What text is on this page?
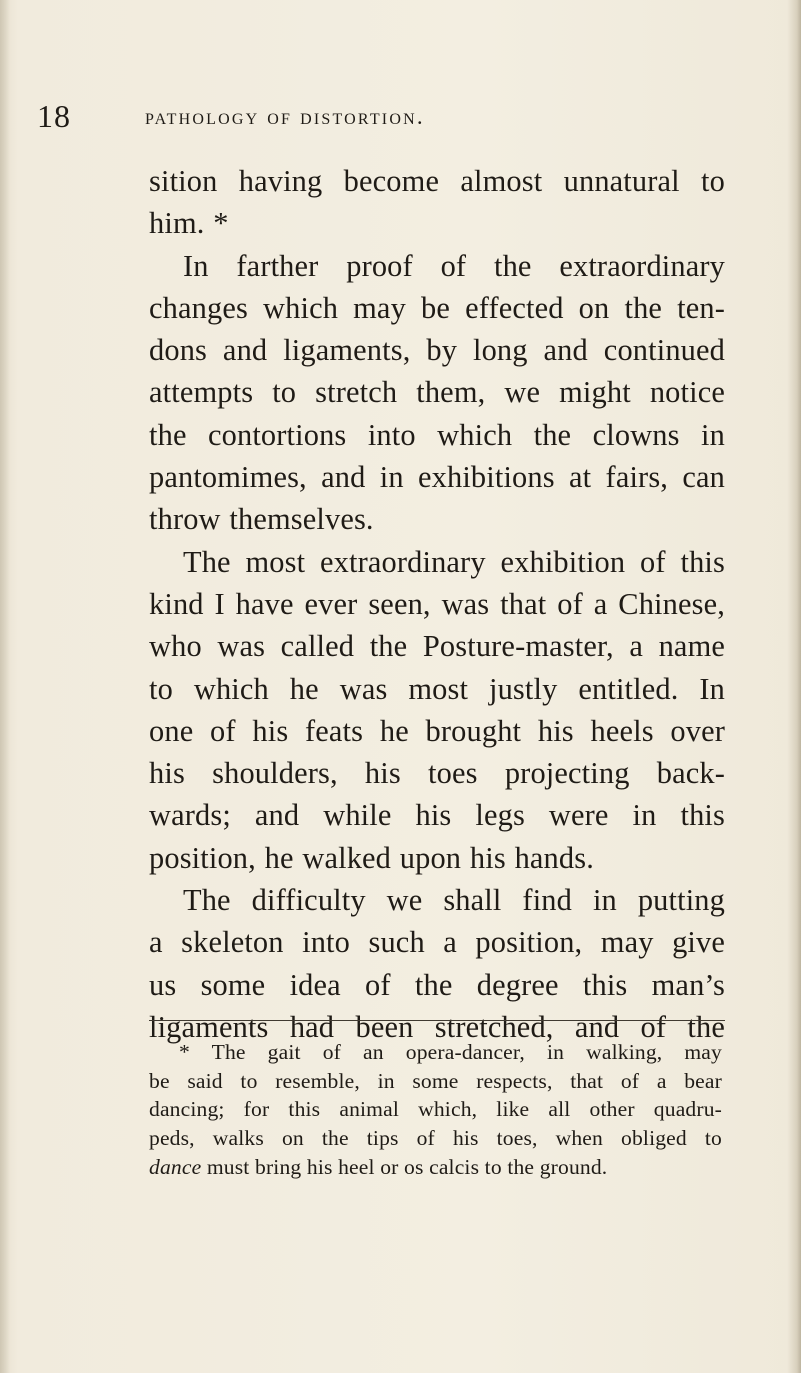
18	pathology of distortion.
sition having become almost unnatural to
him. *
In farther proof of the extraordinary
changes which may be effected on the ten-
dons and ligaments, by long and continued
attempts to stretch them, we might notice
the contortions into which the clowns in
pantomimes, and in exhibitions at fairs, can
throw themselves.
The most extraordinary exhibition of this
kind I have ever seen, was that of a Chinese,
who was called the Posture-master, a name
to which he was most justly entitled. In
one of his feats he brought his heels over
his shoulders, his toes projecting back-
wards; and while his legs were in this
position, he walked upon his hands.
The difficulty we shall find in putting
a skeleton into such a position, may give
us some idea of the degree this man’s
ligaments had been stretched, and of the
* The gait of an opera-dancer, in walking, may
be said to resemble, in some respects, that of a bear
dancing; for this animal which, like all other quadru-
peds, walks on the tips of his toes, when obliged to
dance must bring his heel or os calcis to the ground.
